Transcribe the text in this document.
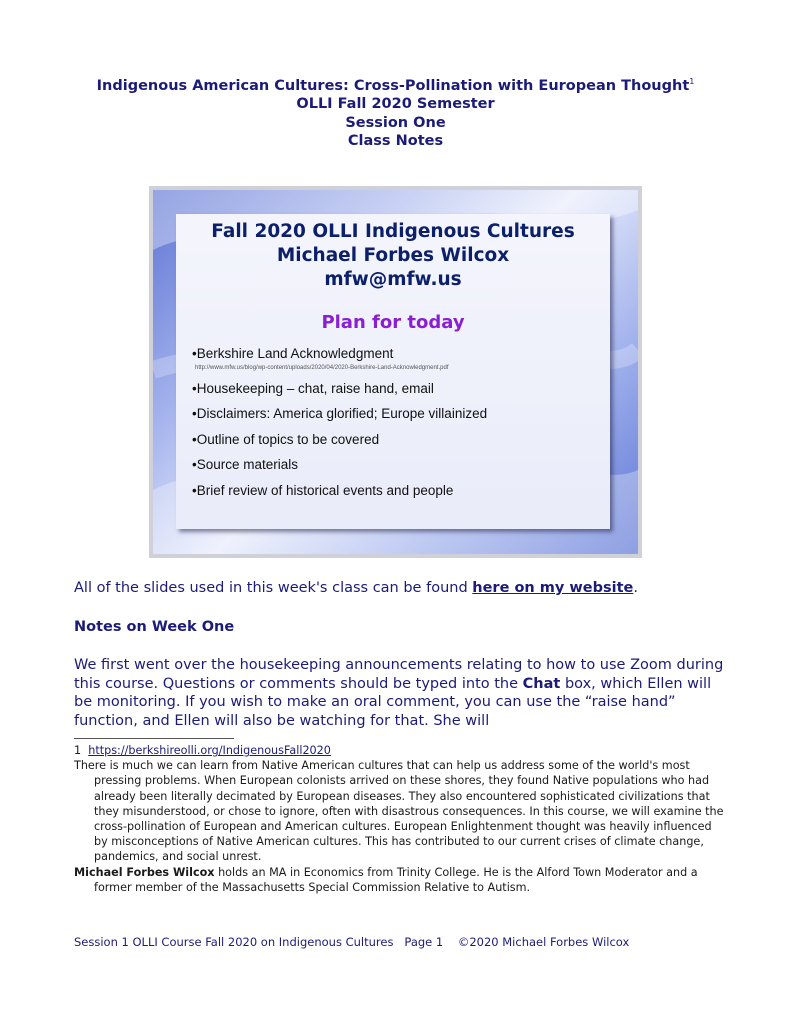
Indigenous American Cultures: Cross-Pollination with European Thought$^1$
OLLI Fall 2020 Semester
Session One
Class Notes
Fall 2020 OLLI Indigenous Cultures
Michael Forbes Wilcox
mfw@mfw.us
Plan for today
•Berkshire Land Acknowledgment
http://www.mfw.us/blog/wp-content/uploads/2020/04/2020-Berkshire-Land-Acknowledgment.pdf
•Housekeeping – chat, raise hand, email
•Disclaimers: America glorified; Europe villainized
•Outline of topics to be covered
•Source materials
•Brief review of historical events and people
All of the slides used in this week's class can be found here on my website.
Notes on Week One
We first went over the housekeeping announcements relating to how to use Zoom during this course. Questions or comments should be typed into the Chat box, which Ellen will be monitoring. If you wish to make an oral comment, you can use the “raise hand” function, and Ellen will also be watching for that. She will
1 https://berkshireolli.org/IndigenousFall2020
There is much we can learn from Native American cultures that can help us address some of the world's most pressing problems. When European colonists arrived on these shores, they found Native populations who had already been literally decimated by European diseases. They also encountered sophisticated civilizations that they misunderstood, or chose to ignore, often with disastrous consequences. In this course, we will examine the cross-pollination of European and American cultures. European Enlightenment thought was heavily influenced by misconceptions of Native American cultures. This has contributed to our current crises of climate change, pandemics, and social unrest.
Michael Forbes Wilcox holds an MA in Economics from Trinity College. He is the Alford Town Moderator and a former member of the Massachusetts Special Commission Relative to Autism.
Session 1 OLLI Course Fall 2020 on Indigenous Cultures   Page 1    ©2020 Michael Forbes Wilcox
